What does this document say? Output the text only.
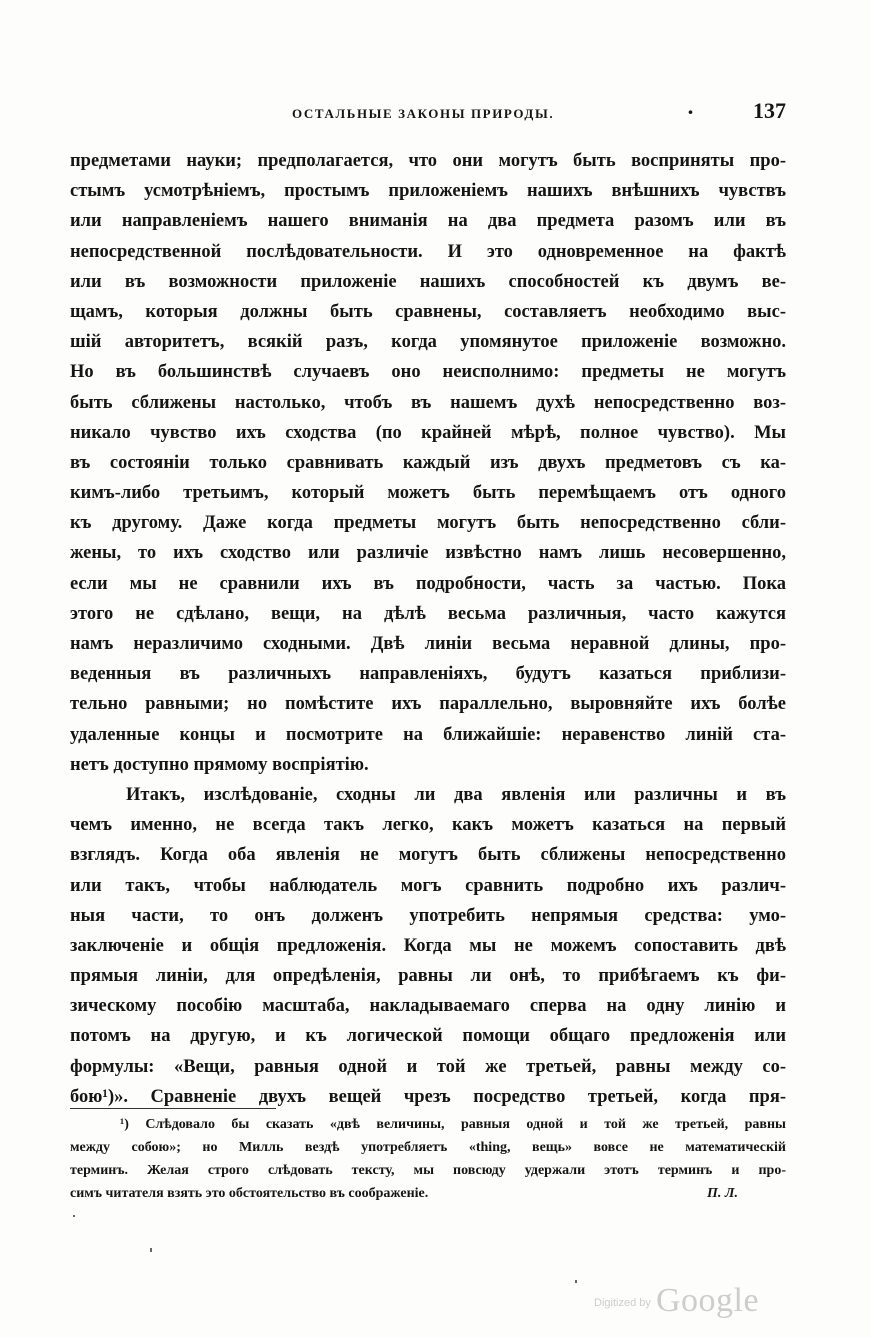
ОСТАЛЬНЫЕ ЗАКОНЫ ПРИРОДЫ.	·	137
предметами науки; предполагается, что они могутъ быть восприняты про-
стымъ усмотрѣніемъ, простымъ приложеніемъ нашихъ внѣшнихъ чувствъ
или направленіемъ нашего вниманія на два предмета разомъ или въ
непосредственной послѣдовательности. И это одновременное на фактѣ
или въ возможности приложеніе нашихъ способностей къ двумъ ве-
щамъ, которыя должны быть сравнены, составляетъ необходимо выс-
шій авторитетъ, всякій разъ, когда упомянутое приложеніе возможно.
Но въ большинствѣ случаевъ оно неисполнимо: предметы не могутъ
быть сближены настолько, чтобъ въ нашемъ духѣ непосредственно воз-
никало чувство ихъ сходства (по крайней мѣрѣ, полное чувство). Мы
въ состояніи только сравнивать каждый изъ двухъ предметовъ съ ка-
кимъ-либо третьимъ, который можетъ быть перемѣщаемъ отъ одного
къ другому. Даже когда предметы могутъ быть непосредственно сбли-
жены, то ихъ сходство или различіе извѣстно намъ лишь несовершенно,
если мы не сравнили ихъ въ подробности, часть за частью. Пока
этого не сдѣлано, вещи, на дѣлѣ весьма различныя, часто кажутся
намъ неразличимо сходными. Двѣ линіи весьма неравной длины, про-
веденныя въ различныхъ направленіяхъ, будутъ казаться приблизи-
тельно равными; но помѣстите ихъ параллельно, выровняйте ихъ болѣе
удаленные концы и посмотрите на ближайшіе: неравенство линій ста-
нетъ доступно прямому воспріятію.
Итакъ, изслѣдованіе, сходны ли два явленія или различны и въ
чемъ именно, не всегда такъ легко, какъ можетъ казаться на первый
взглядъ. Когда оба явленія не могутъ быть сближены непосредственно
или такъ, чтобы наблюдатель могъ сравнить подробно ихъ различ-
ныя части, то онъ долженъ употребить непрямыя средства: умо-
заключеніе и общія предложенія. Когда мы не можемъ сопоставить двѣ
прямыя линіи, для опредѣленія, равны ли онѣ, то прибѣгаемъ къ фи-
зическому пособію масштаба, накладываемаго сперва на одну линію и
потомъ на другую, и къ логической помощи общаго предложенія или
формулы: «Вещи, равныя одной и той же третьей, равны между со-
бою¹)». Сравненіе двухъ вещей чрезъ посредство третьей, когда пря-
¹) Слѣдовало бы сказать «двѣ величины, равныя одной и той же третьей, равны
между собою»; но Милль вездѣ употребляетъ «thing, вещь» вовсе не математическій
терминъ. Желая строго слѣдовать тексту, мы повсюду удержали этотъ терминъ и про-
симъ читателя взять это обстоятельство въ соображеніе.	П. Л.
$^{Digitized by}$ Google
